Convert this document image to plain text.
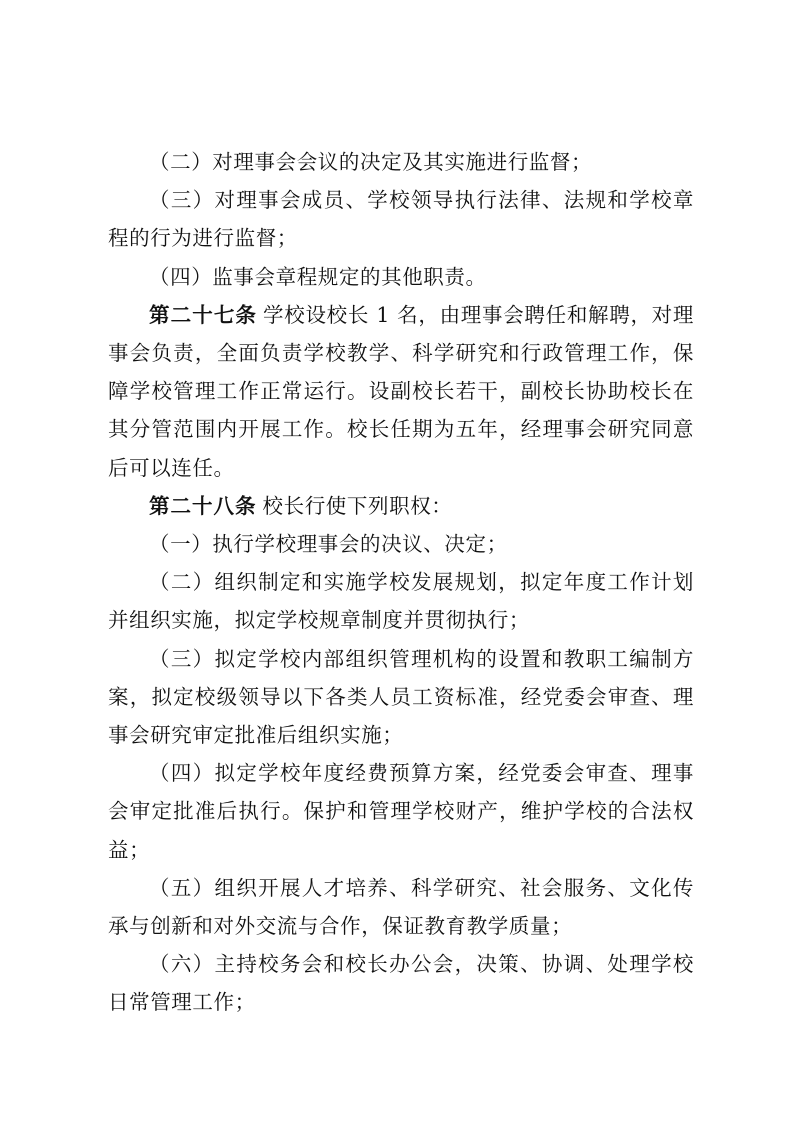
（二）对理事会会议的决定及其实施进行监督；

（三）对理事会成员、学校领导执行法律、法规和学校章程的行为进行监督；

（四）监事会章程规定的其他职责。

第二十七条 学校设校长 1 名，由理事会聘任和解聘，对理事会负责，全面负责学校教学、科学研究和行政管理工作，保障学校管理工作正常运行。设副校长若干，副校长协助校长在其分管范围内开展工作。校长任期为五年，经理事会研究同意后可以连任。

第二十八条 校长行使下列职权：

（一）执行学校理事会的决议、决定；

（二）组织制定和实施学校发展规划，拟定年度工作计划并组织实施，拟定学校规章制度并贯彻执行；

（三）拟定学校内部组织管理机构的设置和教职工编制方案，拟定校级领导以下各类人员工资标准，经党委会审查、理事会研究审定批准后组织实施；

（四）拟定学校年度经费预算方案，经党委会审查、理事会审定批准后执行。保护和管理学校财产，维护学校的合法权益；

（五）组织开展人才培养、科学研究、社会服务、文化传承与创新和对外交流与合作，保证教育教学质量；

（六）主持校务会和校长办公会，决策、协调、处理学校日常管理工作；
